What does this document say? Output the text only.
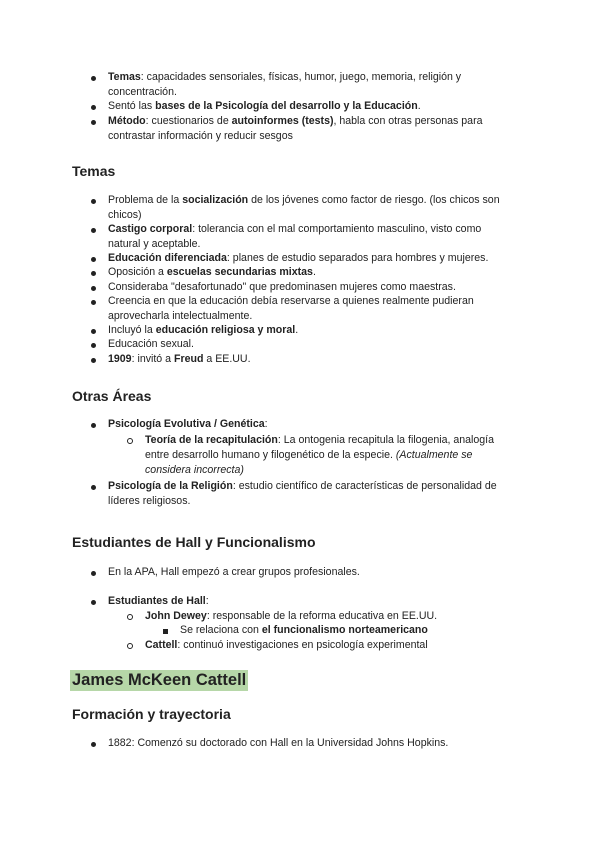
Temas: capacidades sensoriales, físicas, humor, juego, memoria, religión y
concentración.
Sentó las bases de la Psicología del desarrollo y la Educación.
Método: cuestionarios de autoinformes (tests), habla con otras personas para
contrastar información y reducir sesgos
Temas
Problema de la socialización de los jóvenes como factor de riesgo. (los chicos son
chicos)
Castigo corporal: tolerancia con el mal comportamiento masculino, visto como
natural y aceptable.
Educación diferenciada: planes de estudio separados para hombres y mujeres.
Oposición a escuelas secundarias mixtas.
Consideraba "desafortunado" que predominasen mujeres como maestras.
Creencia en que la educación debía reservarse a quienes realmente pudieran
aprovecharla intelectualmente.
Incluyó la educación religiosa y moral.
Educación sexual.
1909: invitó a Freud a EE.UU.
Otras Áreas
Psicología Evolutiva / Genética:
Teoría de la recapitulación: La ontogenia recapitula la filogenia, analogía
entre desarrollo humano y filogenético de la especie. (Actualmente se
considera incorrecta)
Psicología de la Religión: estudio científico de características de personalidad de
líderes religiosos.
Estudiantes de Hall y Funcionalismo
En la APA, Hall empezó a crear grupos profesionales.
Estudiantes de Hall:
John Dewey: responsable de la reforma educativa en EE.UU.
Se relaciona con el funcionalismo norteamericano
Cattell: continuó investigaciones en psicología experimental
James McKeen Cattell
Formación y trayectoria
1882: Comenzó su doctorado con Hall en la Universidad Johns Hopkins.
